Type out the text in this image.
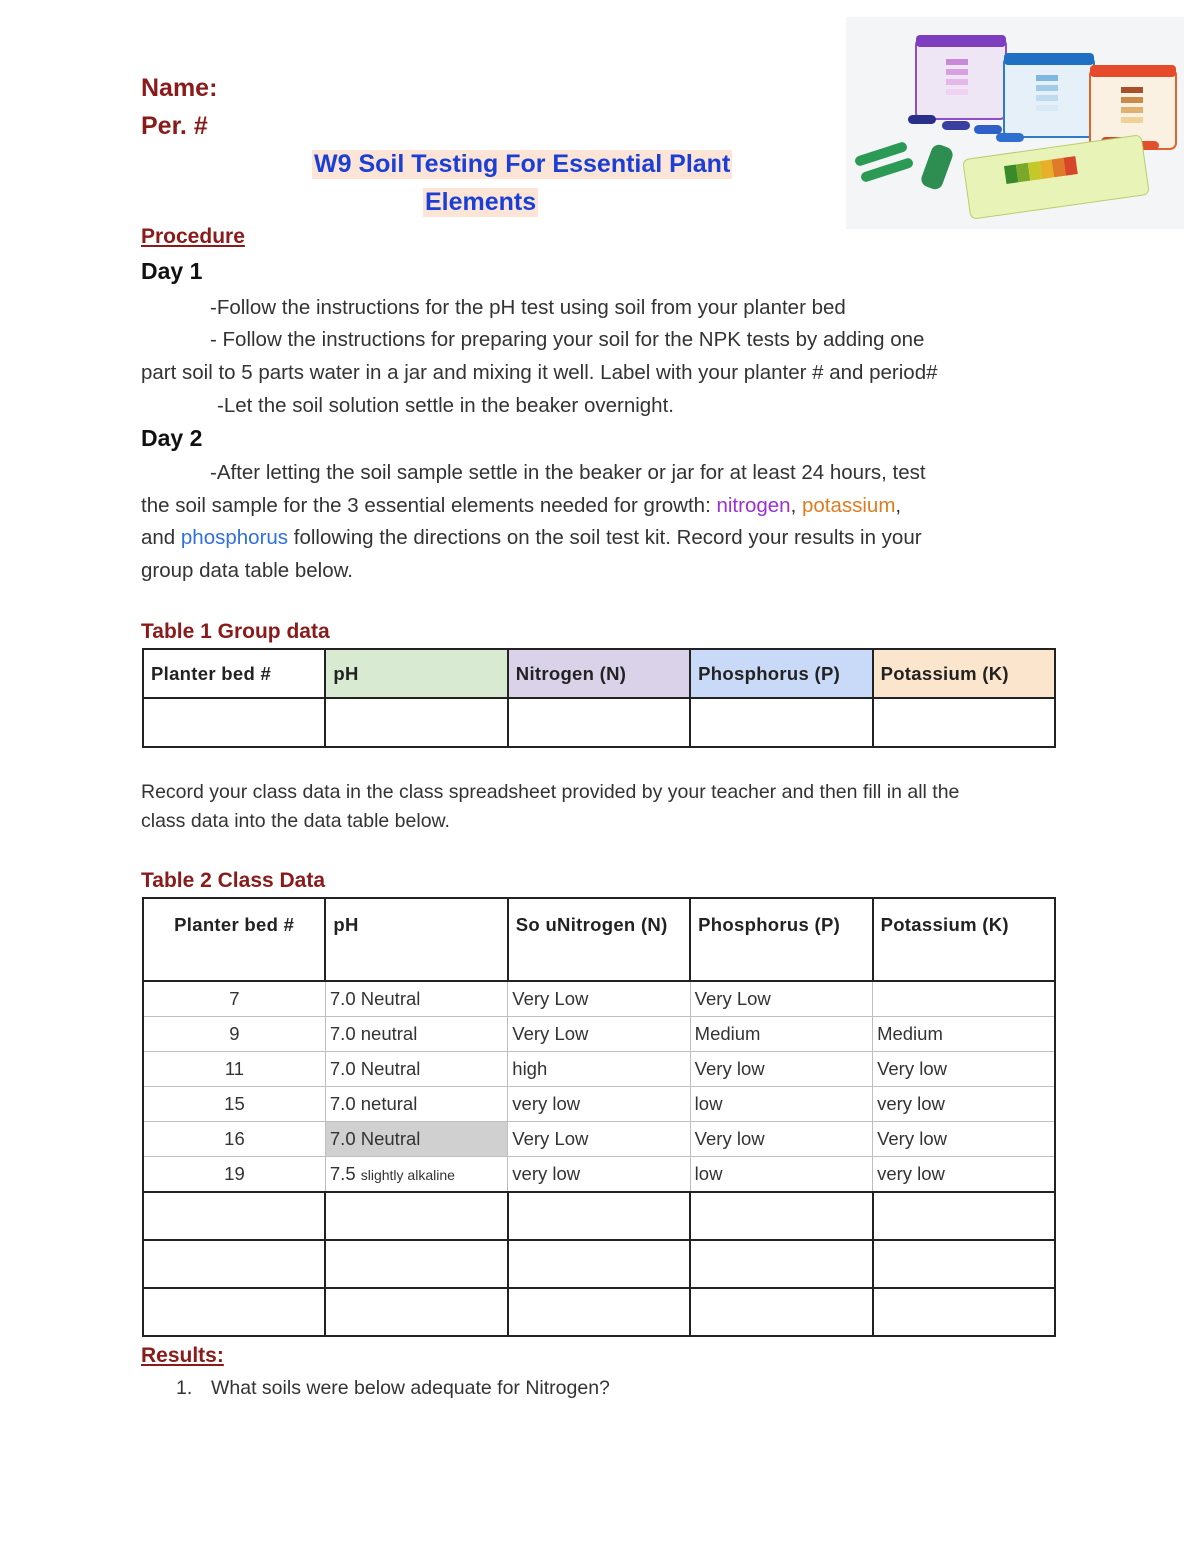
Name:
Per. #
W9 Soil Testing For Essential Plant
Elements
Procedure
Day 1
-Follow the instructions for the pH test using soil from your planter bed
- Follow the instructions for preparing your soil for the NPK tests by adding one
part soil to 5 parts water in a jar and mixing it well. Label with your planter # and period#
-Let the soil solution settle in the beaker overnight.
Day 2
-After letting the soil sample settle in the beaker or jar for at least 24 hours, test
the soil sample for the 3 essential elements needed for growth: nitrogen, potassium,
and phosphorus following the directions on the soil test kit. Record your results in your
group data table below.
Table 1 Group data
Planter bed #	pH	Nitrogen (N)	Phosphorus (P)	Potassium (K)

Record your class data in the class spreadsheet provided by your teacher and then fill in all the
class data into the data table below.
Table 2 Class Data
Planter bed #	pH	So uNitrogen (N)	Phosphorus (P)	Potassium (K)
7	7.0 Neutral	Very Low	Very Low	
9	7.0 neutral	Very Low	Medium	Medium
11	7.0 Neutral	high	Very low	Very low
15	7.0 netural	very low	low	very low
16	7.0 Neutral	Very Low	Very low	Very low
19	7.5 slightly alkaline	very low	low	very low

Results:
1. What soils were below adequate for Nitrogen?
